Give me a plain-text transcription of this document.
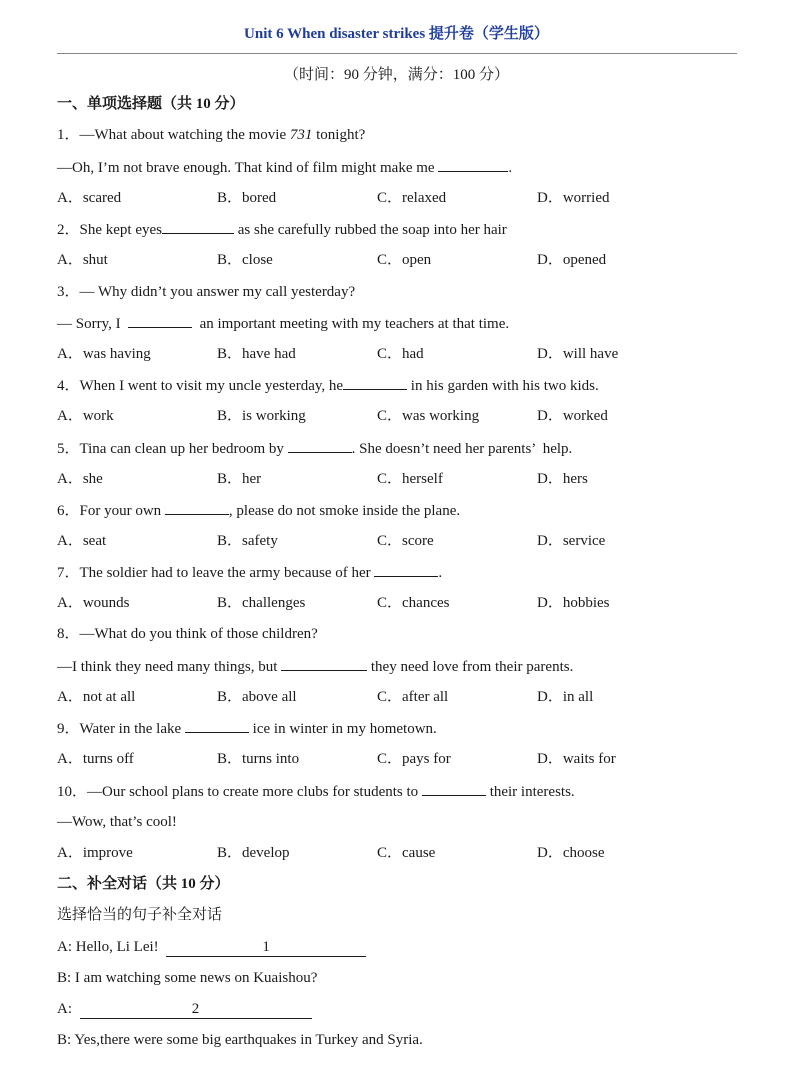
Unit 6 When disaster strikes 提升卷（学生版）
（时间：90 分钟，满分：100 分）
一、单项选择题（共 10 分）
1．—What about watching the movie 731 tonight?
—Oh, I’m not brave enough. That kind of film might make me	.
A．scared	B．bored	C．relaxed	D．worried
2．She kept eyes	as she carefully rubbed the soap into her hair
A．shut	B．close	C．open	D．opened
3．— Why didn’t you answer my call yesterday?
— Sorry, I	an important meeting with my teachers at that time.
A．was having	B．have had	C．had	D．will have
4．When I went to visit my uncle yesterday, he	in his garden with his two kids.
A．work	B．is working	C．was working	D．worked
5．Tina can clean up her bedroom by	. She doesn’t need her parents’  help.
A．she	B．her	C．herself	D．hers
6．For your own	, please do not smoke inside the plane.
A．seat	B．safety	C．score	D．service
7．The soldier had to leave the army because of her	.
A．wounds	B．challenges	C．chances	D．hobbies
8．—What do you think of those children?
—I think they need many things, but	they need love from their parents.
A．not at all	B．above all	C．after all	D．in all
9．Water in the lake	ice in winter in my hometown.
A．turns off	B．turns into	C．pays for	D．waits for
10．—Our school plans to create more clubs for students to	their interests.
—Wow, that’s cool!
A．improve	B．develop	C．cause	D．choose
二、补全对话（共 10 分）
选择恰当的句子补全对话
A: Hello, Li Lei!	1
B: I am watching some news on Kuaishou?
A:	2
B: Yes,there were some big earthquakes in Turkey and Syria.
